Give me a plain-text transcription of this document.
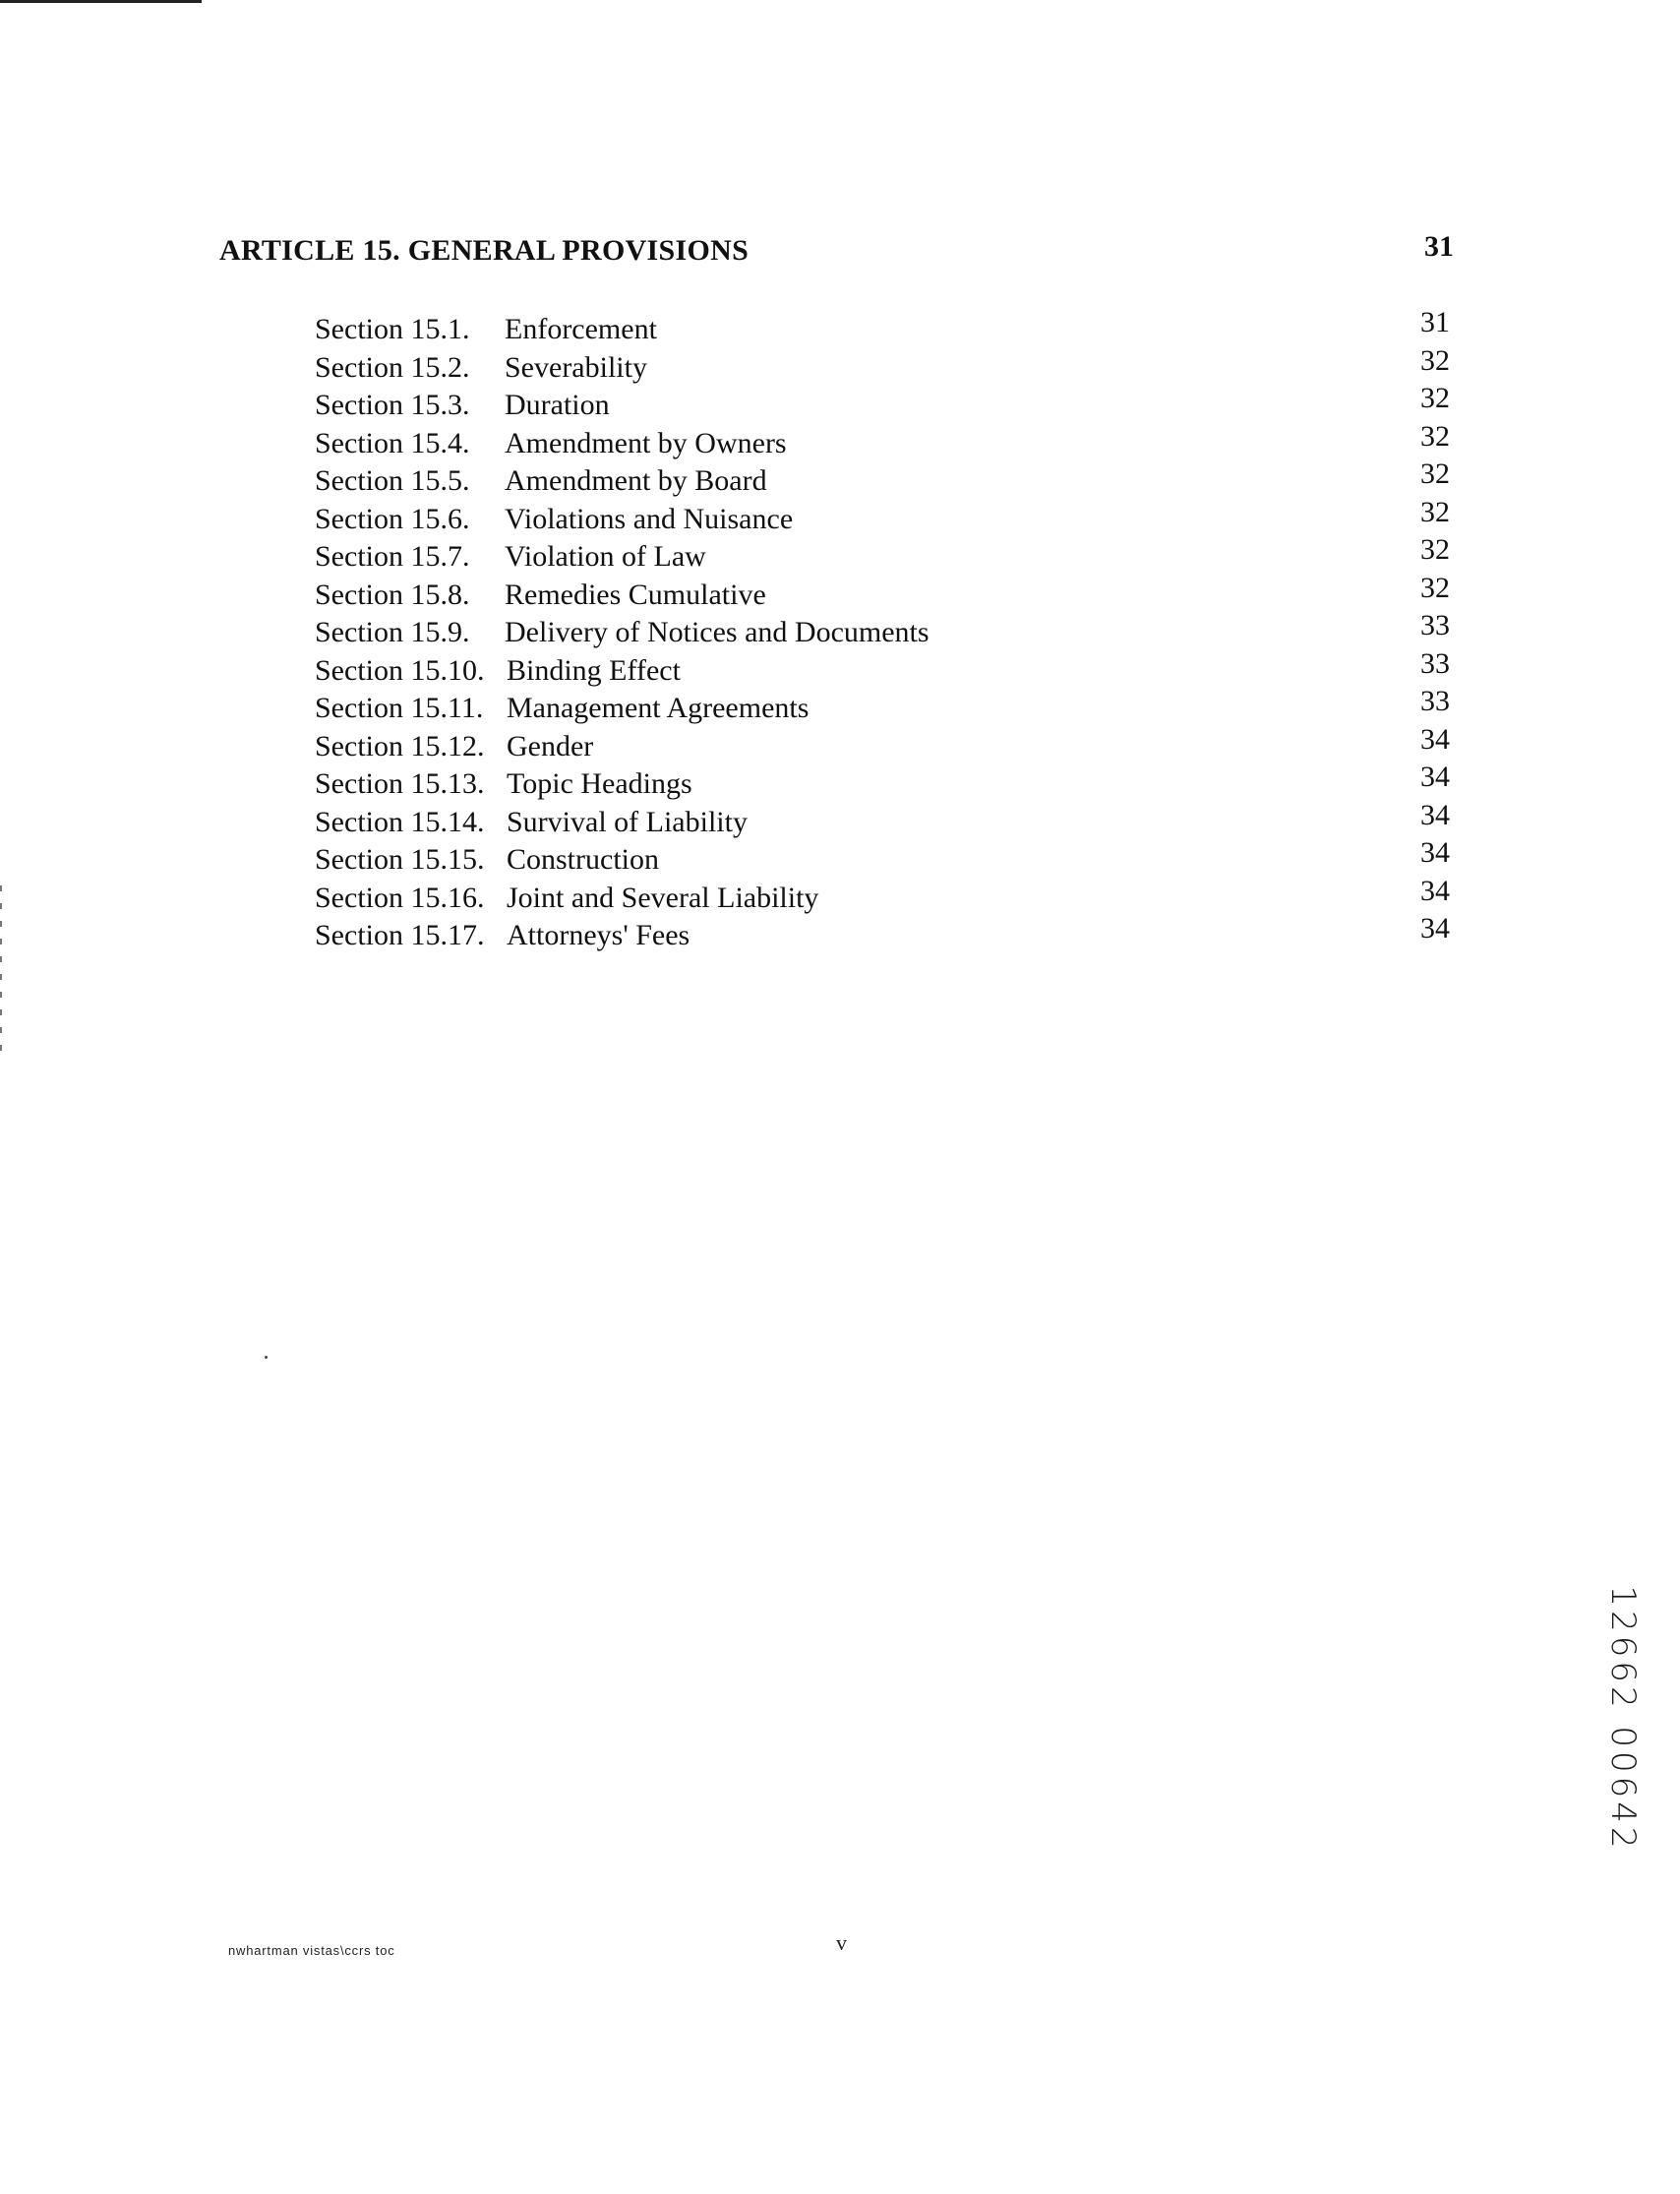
ARTICLE 15. GENERAL PROVISIONS	31
Section 15.1. Enforcement	31
Section 15.2. Severability	32
Section 15.3. Duration	32
Section 15.4. Amendment by Owners	32
Section 15.5. Amendment by Board	32
Section 15.6. Violations and Nuisance	32
Section 15.7. Violation of Law	32
Section 15.8. Remedies Cumulative	32
Section 15.9. Delivery of Notices and Documents	33
Section 15.10. Binding Effect	33
Section 15.11. Management Agreements	33
Section 15.12. Gender	34
Section 15.13. Topic Headings	34
Section 15.14. Survival of Liability	34
Section 15.15. Construction	34
Section 15.16. Joint and Several Liability	34
Section 15.17. Attorneys' Fees	34
12662 00642
nwhartman vistas\ccrs toc	v
